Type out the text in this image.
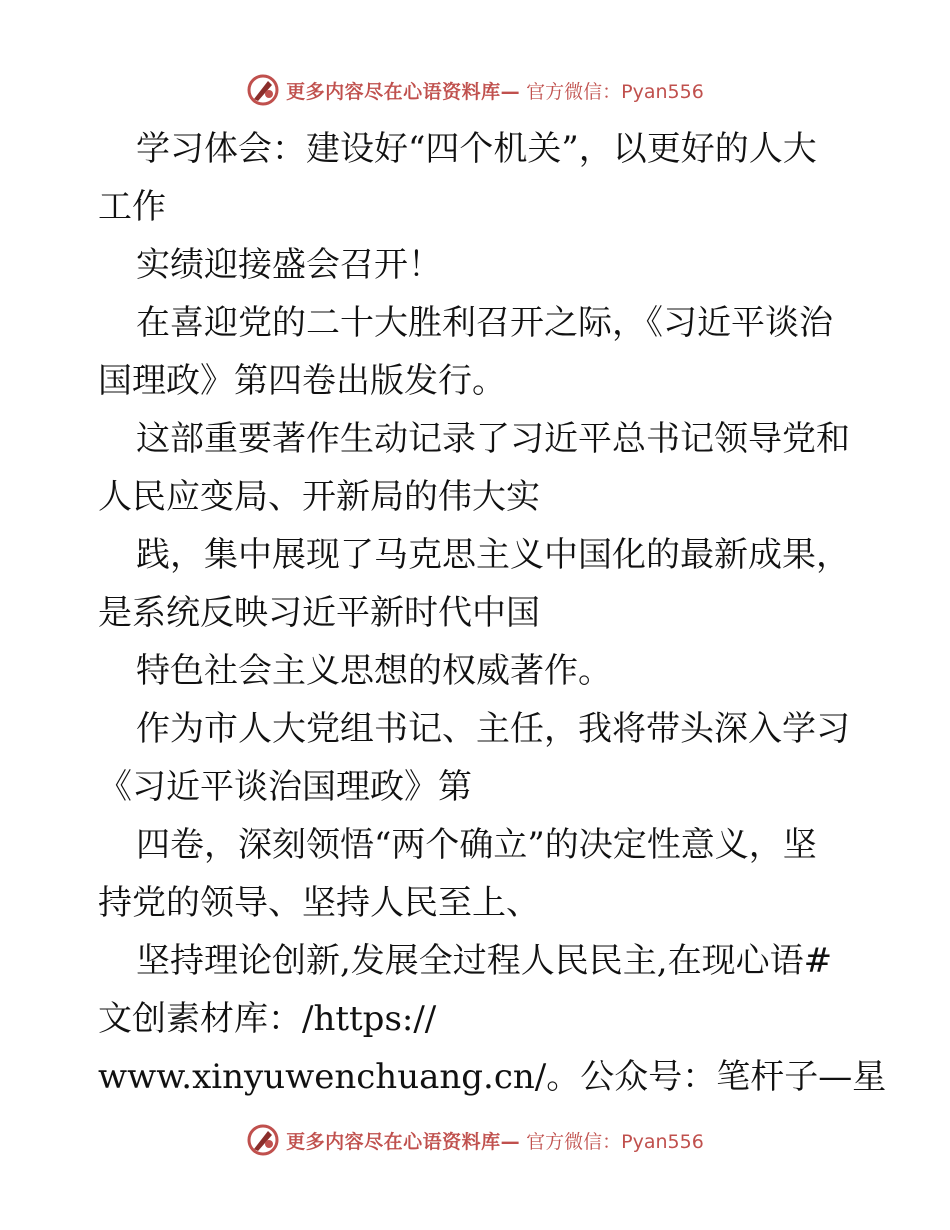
更多内容尽在心语资料库— 官方微信：Pyan556
学习体会：建设好“四个机关”，以更好的人大
工作
实绩迎接盛会召开！
在喜迎党的二十大胜利召开之际，《习近平谈治
国理政》第四卷出版发行。
这部重要著作生动记录了习近平总书记领导党和
人民应变局、开新局的伟大实
践，集中展现了马克思主义中国化的最新成果，
是系统反映习近平新时代中国
特色社会主义思想的权威著作。
作为市人大党组书记、主任，我将带头深入学习
《习近平谈治国理政》第
四卷，深刻领悟“两个确立”的决定性意义，坚
持党的领导、坚持人民至上、
坚持理论创新,发展全过程人民民主,在现心语#
文创素材库：/https://
www.xinyuwenchuang.cn/。公众号：笔杆子—星
更多内容尽在心语资料库— 官方微信：Pyan556
